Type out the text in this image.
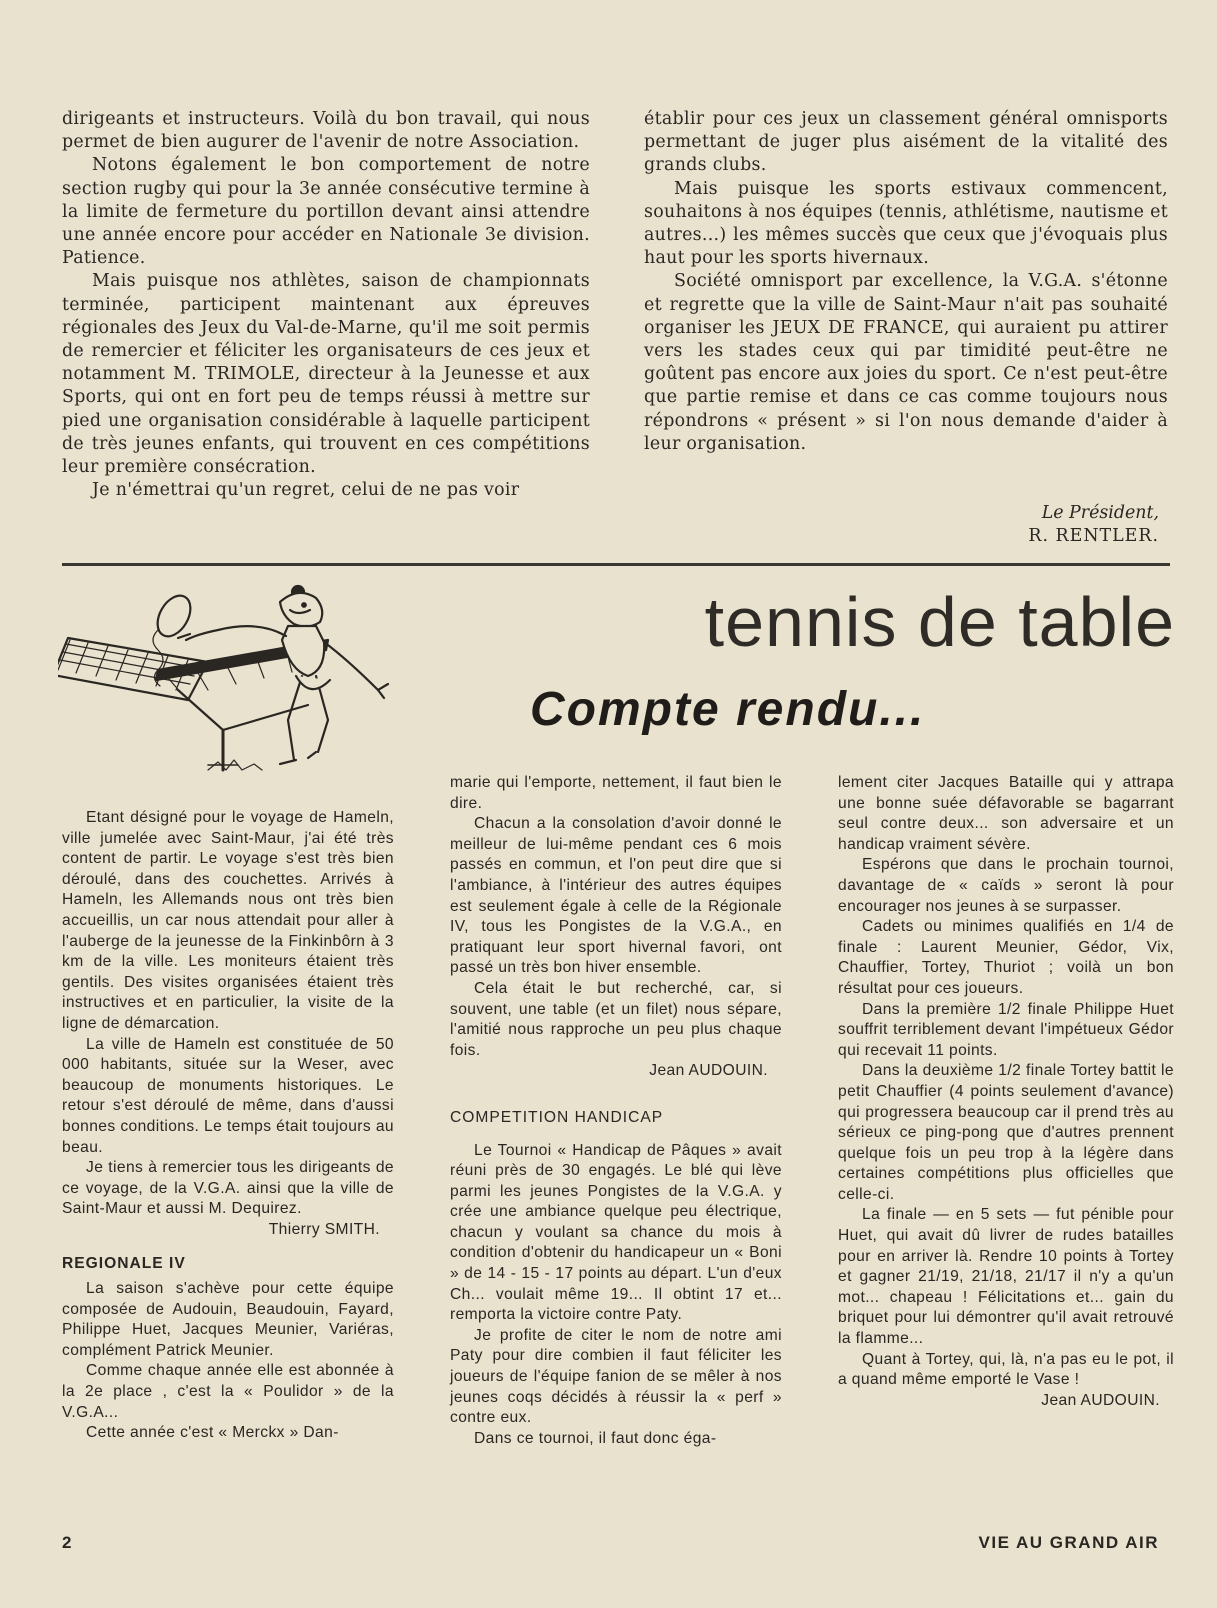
dirigeants et instructeurs. Voilà du bon travail, qui nous permet de bien augurer de l'avenir de notre Association.

Notons également le bon comportement de notre section rugby qui pour la 3e année consécutive termine à la limite de fermeture du portillon devant ainsi attendre une année encore pour accéder en Nationale 3e division. Patience.

Mais puisque nos athlètes, saison de championnats terminée, participent maintenant aux épreuves régionales des Jeux du Val-de-Marne, qu'il me soit permis de remercier et féliciter les organisateurs de ces jeux et notamment M. TRIMOLE, directeur à la Jeunesse et aux Sports, qui ont en fort peu de temps réussi à mettre sur pied une organisation considérable à laquelle participent de très jeunes enfants, qui trouvent en ces compétitions leur première consécration.

Je n'émettrai qu'un regret, celui de ne pas voir

établir pour ces jeux un classement général omnisports permettant de juger plus aisément de la vitalité des grands clubs.

Mais puisque les sports estivaux commencent, souhaitons à nos équipes (tennis, athlétisme, nautisme et autres...) les mêmes succès que ceux que j'évoquais plus haut pour les sports hivernaux.

Société omnisport par excellence, la V.G.A. s'étonne et regrette que la ville de Saint-Maur n'ait pas souhaité organiser les JEUX DE FRANCE, qui auraient pu attirer vers les stades ceux qui par timidité peut-être ne goûtent pas encore aux joies du sport. Ce n'est peut-être que partie remise et dans ce cas comme toujours nous répondrons « présent » si l'on nous demande d'aider à leur organisation.

Le Président,
R. RENTLER.
tennis de table
Compte rendu...

Etant désigné pour le voyage de Hameln, ville jumelée avec Saint-Maur, j'ai été très content de partir. Le voyage s'est très bien déroulé, dans des couchettes. Arrivés à Hameln, les Allemands nous ont très bien accueillis, un car nous attendait pour aller à l'auberge de la jeunesse de la Finkinbôrn à 3 km de la ville. Les moniteurs étaient très gentils. Des visites organisées étaient très instructives et en particulier, la visite de la ligne de démarcation.

La ville de Hameln est constituée de 50 000 habitants, située sur la Weser, avec beaucoup de monuments historiques. Le retour s'est déroulé de même, dans d'aussi bonnes conditions. Le temps était toujours au beau.

Je tiens à remercier tous les dirigeants de ce voyage, de la V.G.A. ainsi que la ville de Saint-Maur et aussi M. Dequirez.

Thierry SMITH.

REGIONALE IV

La saison s'achève pour cette équipe composée de Audouin, Beaudouin, Fayard, Philippe Huet, Jacques Meunier, Variéras, complément Patrick Meunier.

Comme chaque année elle est abonnée à la 2e place , c'est la « Poulidor » de la V.G.A...

Cette année c'est « Merckx » Dan-

marie qui l'emporte, nettement, il faut bien le dire.

Chacun a la consolation d'avoir donné le meilleur de lui-même pendant ces 6 mois passés en commun, et l'on peut dire que si l'ambiance, à l'intérieur des autres équipes est seulement égale à celle de la Régionale IV, tous les Pongistes de la V.G.A., en pratiquant leur sport hivernal favori, ont passé un très bon hiver ensemble.

Cela était le but recherché, car, si souvent, une table (et un filet) nous sépare, l'amitié nous rapproche un peu plus chaque fois.

Jean AUDOUIN.

COMPETITION HANDICAP

Le Tournoi « Handicap de Pâques » avait réuni près de 30 engagés. Le blé qui lève parmi les jeunes Pongistes de la V.G.A. y crée une ambiance quelque peu électrique, chacun y voulant sa chance du mois à condition d'obtenir du handicapeur un « Boni » de 14 - 15 - 17 points au départ. L'un d'eux Ch... voulait même 19... Il obtint 17 et... remporta la victoire contre Paty.

Je profite de citer le nom de notre ami Paty pour dire combien il faut féliciter les joueurs de l'équipe fanion de se mêler à nos jeunes coqs décidés à réussir la « perf » contre eux.

Dans ce tournoi, il faut donc éga-

lement citer Jacques Bataille qui y attrapa une bonne suée défavorable se bagarrant seul contre deux... son adversaire et un handicap vraiment sévère.

Espérons que dans le prochain tournoi, davantage de « caïds » seront là pour encourager nos jeunes à se surpasser.

Cadets ou minimes qualifiés en 1/4 de finale : Laurent Meunier, Gédor, Vix, Chauffier, Tortey, Thuriot ; voilà un bon résultat pour ces joueurs.

Dans la première 1/2 finale Philippe Huet souffrit terriblement devant l'impétueux Gédor qui recevait 11 points.

Dans la deuxième 1/2 finale Tortey battit le petit Chauffier (4 points seulement d'avance) qui progressera beaucoup car il prend très au sérieux ce ping-pong que d'autres prennent quelque fois un peu trop à la légère dans certaines compétitions plus officielles que celle-ci.

La finale — en 5 sets — fut pénible pour Huet, qui avait dû livrer de rudes batailles pour en arriver là. Rendre 10 points à Tortey et gagner 21/19, 21/18, 21/17 il n'y a qu'un mot... chapeau ! Félicitations et... gain du briquet pour lui démontrer qu'il avait retrouvé la flamme...

Quant à Tortey, qui, là, n'a pas eu le pot, il a quand même emporté le Vase !

Jean AUDOUIN.

2	VIE AU GRAND AIR
